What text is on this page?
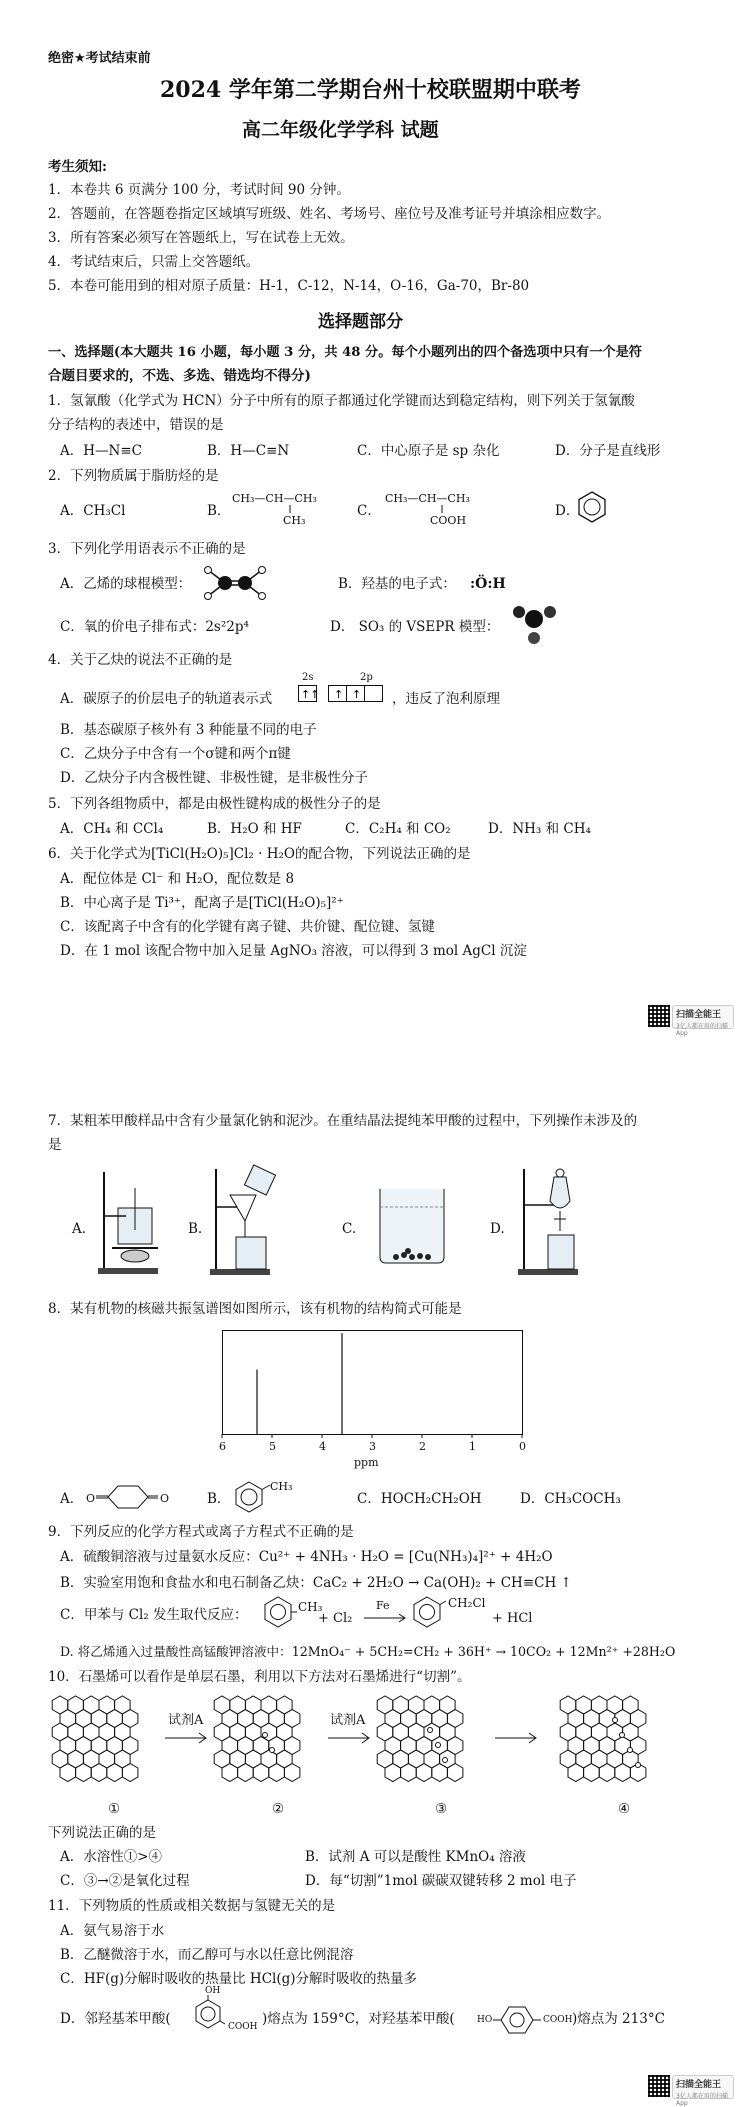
绝密★考试结束前
2024 学年第二学期台州十校联盟期中联考
高二年级化学学科 试题
考生须知:
1．本卷共 6 页满分 100 分，考试时间 90 分钟。
2．答题前，在答题卷指定区域填写班级、姓名、考场号、座位号及准考证号并填涂相应数字。
3．所有答案必须写在答题纸上，写在试卷上无效。
4．考试结束后，只需上交答题纸。
5．本卷可能用到的相对原子质量：H-1，C-12，N-14，O-16，Ga-70，Br-80
选择题部分
一、选择题(本大题共 16 小题，每小题 3 分，共 48 分。每个小题列出的四个备选项中只有一个是符
合题目要求的，不选、多选、错选均不得分)
1．氢氰酸（化学式为 HCN）分子中所有的原子都通过化学键而达到稳定结构，则下列关于氢氰酸
分子结构的表述中，错误的是
A．H—N≡C	B．H—C≡N	C．中心原子是 sp 杂化	D．分子是直线形
2．下列物质属于脂肪烃的是
A．CH₃Cl	B．
CH₃—CH—CH₃
CH₃
C．
CH₃—CH—CH₃
COOH
D．
3．下列化学用语表示不正确的是
A．乙烯的球棍模型：	B．羟基的电子式： :Ö:H
C．氧的价电子排布式：2s²2p⁴	D． SO₃ 的 VSEPR 模型：
4．关于乙炔的说法不正确的是
A．碳原子的价层电子的轨道表示式
2s	2p
↑↑ ↑ ↑ ，违反了泡利原理
B．基态碳原子核外有 3 种能量不同的电子
C．乙炔分子中含有一个σ键和两个π键
D．乙炔分子内含极性键、非极性键，是非极性分子
5．下列各组物质中，都是由极性键构成的极性分子的是
A．CH₄ 和 CCl₄	B．H₂O 和 HF	C．C₂H₄ 和 CO₂	D．NH₃ 和 CH₄
6．关于化学式为[TiCl(H₂O)₅]Cl₂ · H₂O的配合物，下列说法正确的是
A．配位体是 Cl⁻ 和 H₂O，配位数是 8
B．中心离子是 Ti³⁺，配离子是[TiCl(H₂O)₅]²⁺
C．该配离子中含有的化学键有离子键、共价键、配位键、氢键
D．在 1 mol 该配合物中加入足量 AgNO₃ 溶液，可以得到 3 mol AgCl 沉淀
扫描全能王
3亿人都在用的扫描App
7．某粗苯甲酸样品中含有少量氯化钠和泥沙。在重结晶法提纯苯甲酸的过程中，下列操作未涉及的
是
A.	B.	C.	D.
8．某有机物的核磁共振氢谱图如图所示，该有机物的结构简式可能是
6	5	4	3	2	1	0
ppm
A． O	O	B．
CH₃
C．HOCH₂CH₂OH	D．CH₃COCH₃
9．下列反应的化学方程式或离子方程式不正确的是
A．硫酸铜溶液与过量氨水反应：Cu²⁺ + 4NH₃ · H₂O = [Cu(NH₃)₄]²⁺ + 4H₂O
B．实验室用饱和食盐水和电石制备乙炔：CaC₂ + 2H₂O → Ca(OH)₂ + CH≡CH ↑
C．甲苯与 Cl₂ 发生取代反应：	CH₃
+ Cl₂
Fe	CH₂Cl
+ HCl
D. 将乙烯通入过量酸性高锰酸钾溶液中：12MnO₄⁻ + 5CH₂=CH₂ + 36H⁺ → 10CO₂ + 12Mn²⁺ +28H₂O
10．石墨烯可以看作是单层石墨，利用以下方法对石墨烯进行“切割”。
试剂A	试剂A
①	②	③	④
下列说法正确的是
A．水溶性①>④	B．试剂 A 可以是酸性 KMnO₄ 溶液
C．③→②是氧化过程	D．每“切割”1mol 碳碳双键转移 2 mol 电子
11．下列物质的性质或相关数据与氢键无关的是
A．氨气易溶于水
B．乙醚微溶于水，而乙醇可与水以任意比例混溶
C．HF(g)分解时吸收的热量比 HCl(g)分解时吸收的热量多
D．邻羟基苯甲酸(
OH
COOH )熔点为 159°C，对羟基苯甲酸( HO	COOH )熔点为 213°C
扫描全能王
3亿人都在用的扫描App
